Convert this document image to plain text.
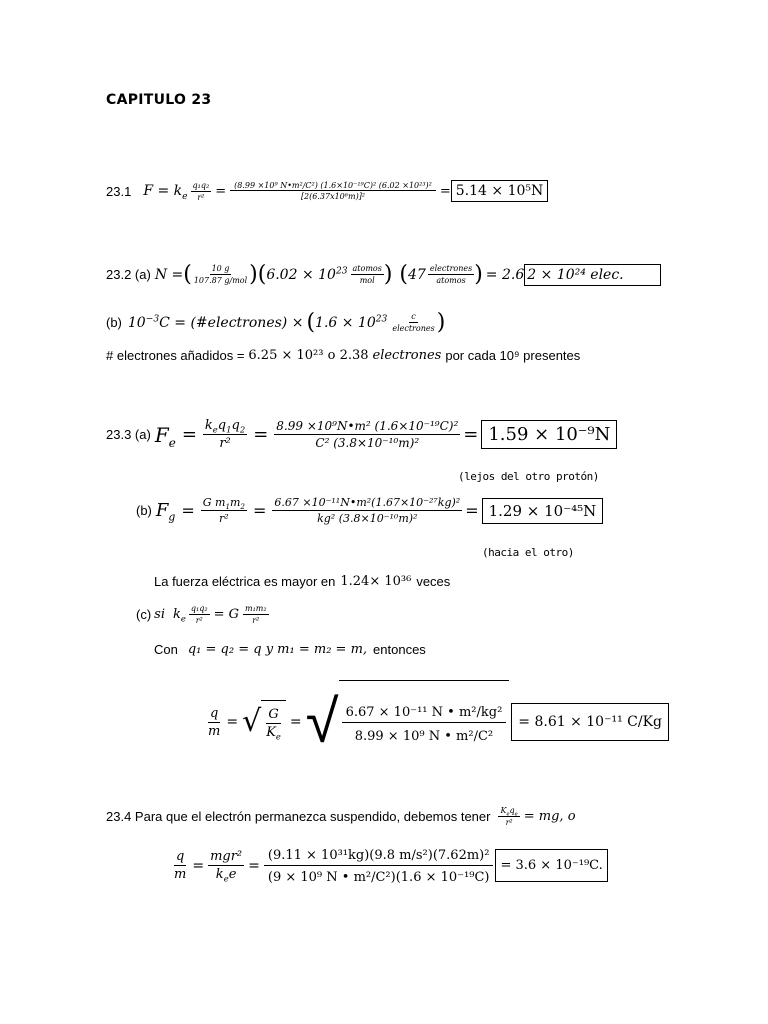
CAPITULO 23
23.1 $F = k_e \frac{\text{q₁q₂}}{\text{r²}} = \frac{\text{(8.99 ×10⁹ N•m²/C²) (1.6×10⁻¹⁹C)² (6.02 ×10²³)²}}{\text{[2(6.37x10⁶m)]²}} = 5.14 \times 10^5N$
23.2 (a) N = ( $\frac{10 g}{\text{107.87 g/mol}}$ )( $6.02 \times 10^{23} \frac{\text{atomos}}{\text{mol}}$ ) ( $47 \frac{\text{electrones}}{\text{atomos}}$ ) = 2.6 2 × 10²⁴ elec.
(b) $10^{-3}C$ = (#electrones) × ( $1.6 \times 10^{23} \frac{c}{\text{electrones}}$ )
# electrones añadidos = 6.25 × 10²³ o 2.38 electrones por cada 10⁹ presentes
23.3 (a) $F_e = \frac{k_eq_1q_2}{\text{r²}} = \frac{\text{8.99 ×10⁹N•m² (1.6×10⁻¹⁹C)²}}{\text{C² (3.8×10⁻¹⁰m)²}} = 1.59 \times 10^{-9}N$
(lejos del otro protón)
(b) $F_g = \frac{G m_1m_2}{\text{r²}} = \frac{\text{6.67 ×10⁻¹¹N•m²(1.67×10⁻²⁷kg)²}}{\text{kg² (3.8×10⁻¹⁰m)²}} = 1.29 \times 10^{-45}N$
(hacia el otro)
La fuerza eléctrica es mayor en 1.24× 10³⁶ veces
(c) si $k_e \frac{\text{q₁q₂}}{\text{r²}} = G \frac{\text{m₁m₂}}{\text{r²}}$
Con q₁ = q₂ = q y m₁ = m₂ = m, entonces
$\frac{q}{m}$ = √ $\frac{G}{K_e}$ = √ $\frac{\text{6.67 × 10⁻¹¹ N • m²/kg²}}{\text{8.99 × 10⁹ N • m²/C²}} = 8.61 \times 10^{-11}$ C/Kg
23.4 Para que el electrón permanezca suspendido, debemos tener $\frac{K_eq_e}{\text{r²}}$ = mg, o
$\frac{q}{m} = \frac{\text{mgr²}}{k_ee} = \frac{\text{(9.11 × 10³¹kg)(9.8 m/s²)(7.62m)²}}{\text{(9 × 10⁹ N • m²/C²)(1.6 × 10⁻¹⁹C)}} = 3.6 \times 10^{-19}C$.
